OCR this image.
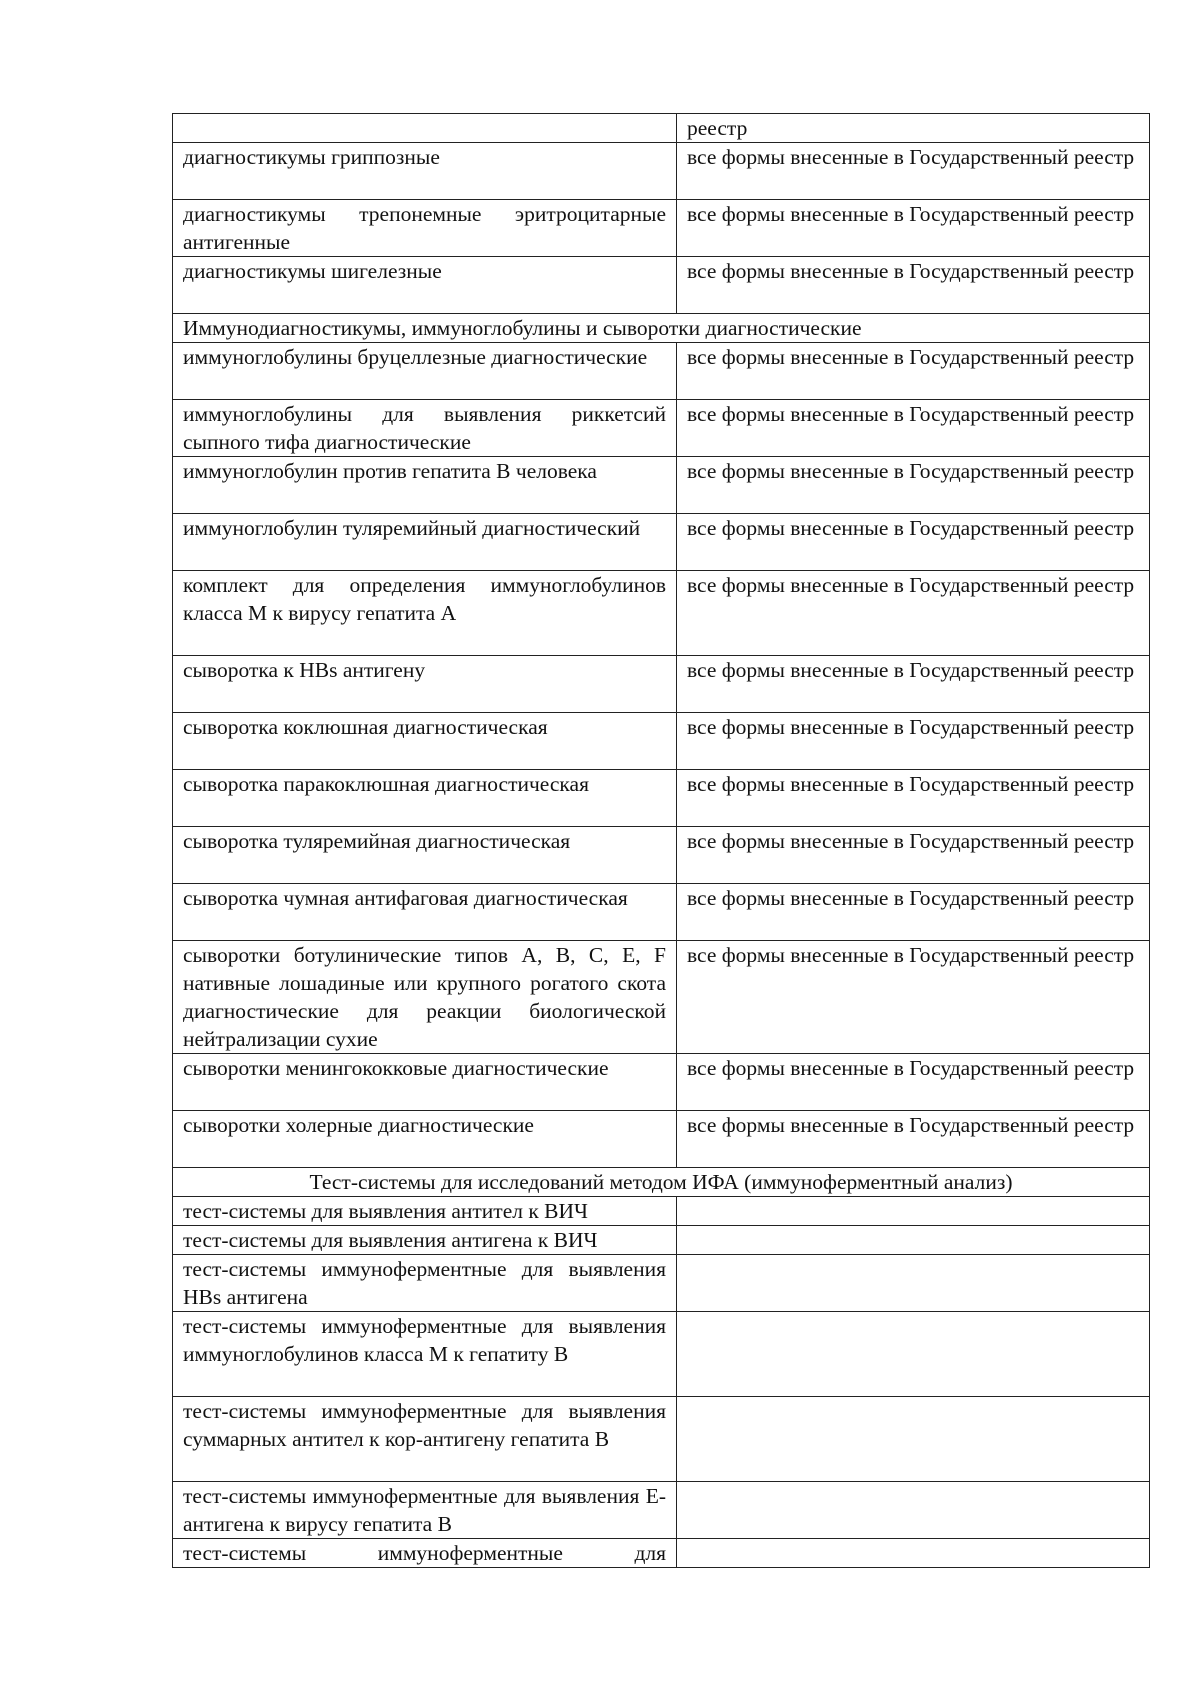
	реестр
диагностикумы гриппозные	все формы внесенные в Государственный реестр
диагностикумы трепонемные эритроцитарные антигенные	все формы внесенные в Государственный реестр
диагностикумы шигелезные	все формы внесенные в Государственный реестр
Иммунодиагностикумы, иммуноглобулины и сыворотки диагностические	
иммуноглобулины бруцеллезные диагностические	все формы внесенные в Государственный реестр
иммуноглобулины для выявления риккетсий сыпного тифа диагностические	все формы внесенные в Государственный реестр
иммуноглобулин против гепатита В человека	все формы внесенные в Государственный реестр
иммуноглобулин туляремийный диагностический	все формы внесенные в Государственный реестр
комплект для определения иммуноглобулинов класса М к вирусу гепатита А	все формы внесенные в Государственный реестр
сыворотка к HBs антигену	все формы внесенные в Государственный реестр
сыворотка коклюшная диагностическая	все формы внесенные в Государственный реестр
сыворотка паракоклюшная диагностическая	все формы внесенные в Государственный реестр
сыворотка туляремийная диагностическая	все формы внесенные в Государственный реестр
сыворотка чумная антифаговая диагностическая	все формы внесенные в Государственный реестр
сыворотки ботулинические типов А, В, С, Е, F нативные лошадиные или крупного рогатого скота диагностические для реакции биологической нейтрализации сухие	все формы внесенные в Государственный реестр
сыворотки менингококковые диагностические	все формы внесенные в Государственный реестр
сыворотки холерные диагностические	все формы внесенные в Государственный реестр
Тест-системы для исследований методом ИФА (иммуноферментный анализ)	
тест-системы для выявления антител к ВИЧ	
тест-системы для выявления антигена к ВИЧ	
тест-системы иммуноферментные для выявления HBs антигена	
тест-системы иммуноферментные для выявления иммуноглобулинов класса М к гепатиту В	
тест-системы иммуноферментные для выявления суммарных антител к кор-антигену гепатита В	
тест-системы иммуноферментные для выявления Е-антигена к вирусу гепатита В	
тест-системы иммуноферментные для	
